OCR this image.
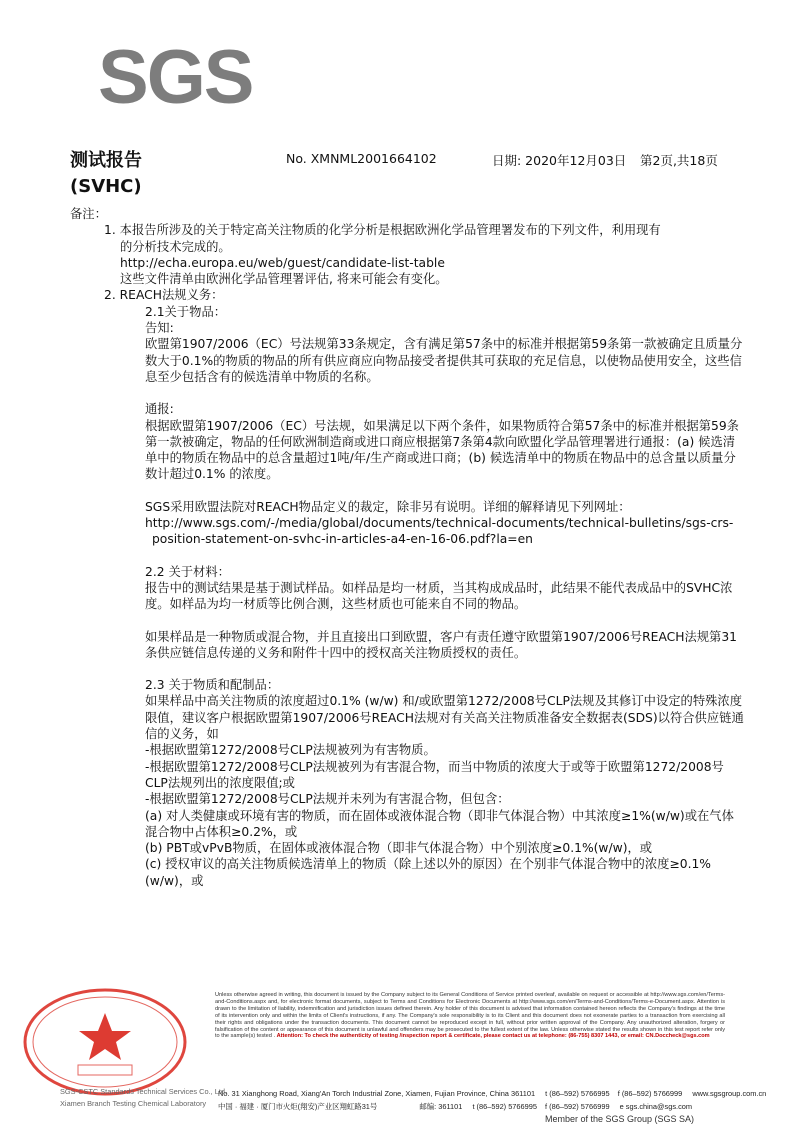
SGS
测试报告
(SVHC)
No. XMNML2001664102	日期: 2020年12月03日 第2页,共18页

备注：

1. 本报告所涉及的关于特定高关注物质的化学分析是根据欧洲化学品管理署发布的下列文件，利用现有

的分析技术完成的。

http://echa.europa.eu/web/guest/candidate-list-table

这些文件清单由欧洲化学品管理署评估, 将来可能会有变化。

2. REACH法规义务：

2.1关于物品：

告知:

欧盟第1907/2006（EC）号法规第33条规定，含有满足第57条中的标准并根据第59条第一款被确定且质量分数大于0.1%的物质的物品的所有供应商应向物品接受者提供其可获取的充足信息，以使物品使用安全，这些信息至少包括含有的候选清单中物质的名称。

通报:

根据欧盟第1907/2006（EC）号法规，如果满足以下两个条件，如果物质符合第57条中的标准并根据第59条第一款被确定，物品的任何欧洲制造商或进口商应根据第7条第4款向欧盟化学品管理署进行通报：(a) 候选清单中的物质在物品中的总含量超过1吨/年/生产商或进口商；(b) 候选清单中的物质在物品中的总含量以质量分数计超过0.1% 的浓度。

SGS采用欧盟法院对REACH物品定义的裁定，除非另有说明。详细的解释请见下列网址：

http://www.sgs.com/-/media/global/documents/technical-documents/technical-bulletins/sgs-crs-

position-statement-on-svhc-in-articles-a4-en-16-06.pdf?la=en

2.2 关于材料：

报告中的测试结果是基于测试样品。如样品是均一材质，当其构成成品时，此结果不能代表成品中的SVHC浓度。如样品为均一材质等比例合测，这些材质也可能来自不同的物品。

如果样品是一种物质或混合物，并且直接出口到欧盟，客户有责任遵守欧盟第1907/2006号REACH法规第31 条供应链信息传递的义务和附件十四中的授权高关注物质授权的责任。

2.3 关于物质和配制品：

如果样品中高关注物质的浓度超过0.1% (w/w) 和/或欧盟第1272/2008号CLP法规及其修订中设定的特殊浓度限值，建议客户根据欧盟第1907/2006号REACH法规对有关高关注物质准备安全数据表(SDS)以符合供应链通信的义务，如

-根据欧盟第1272/2008号CLP法规被列为有害物质。

-根据欧盟第1272/2008号CLP法规被列为有害混合物，而当中物质的浓度大于或等于欧盟第1272/2008号CLP法规列出的浓度限值;或

-根据欧盟第1272/2008号CLP法规并未列为有害混合物，但包含：

(a) 对人类健康或环境有害的物质，而在固体或液体混合物（即非气体混合物）中其浓度≥1%(w/w)或在气体混合物中占体积≥0.2%，或

(b) PBT或vPvB物质，在固体或液体混合物（即非气体混合物）中个别浓度≥0.1%(w/w)，或

(c) 授权审议的高关注物质候选清单上的物质（除上述以外的原因）在个别非气体混合物中的浓度≥0.1%(w/w)，或

Unless otherwise agreed in writing, this document is issued by the Company subject to its General Conditions of Service printed overleaf, available on request or accessible at http://www.sgs.com/en/Terms-and-Conditions.aspx and, for electronic format documents, subject to Terms and Conditions for Electronic Documents at http://www.sgs.com/en/Terms-and-Conditions/Terms-e-Document.aspx. Attention is drawn to the limitation of liability, indemnification and jurisdiction issues defined therein. Any holder of this document is advised that information contained hereon reflects the Company's findings at the time of its intervention only and within the limits of Client's instructions, if any. The Company's sole responsibility is to its Client and this document does not exonerate parties to a transaction from exercising all their rights and obligations under the transaction documents. This document cannot be reproduced except in full, without prior written approval of the Company. Any unauthorized alteration, forgery or falsification of the content or appearance of this document is unlawful and offenders may be prosecuted to the fullest extent of the law. Unless otherwise stated the results shown in this test report refer only to the sample(s) tested . Attention: To check the authenticity of testing /inspection report & certificate, please contact us at telephone: (86-755) 8307 1443, or email: CN.Doccheck@sgs.com
No. 31 Xianghong Road, Xiang'An Torch Industrial Zone, Xiamen, Fujian Province, China 361101 t (86–592) 5766995 f (86–592) 5766999 www.sgsgroup.com.cn
中国 · 福建 · 厦门市火炬(翔安)产业区翔虹路31号	邮编: 361101 t (86–592) 5766995 f (86–592) 5766999 e sgs.china@sgs.com
SGS-CSTC Standards Technical Services Co., Ltd.
Xiamen Branch Testing Chemical Laboratory
Member of the SGS Group (SGS SA)
